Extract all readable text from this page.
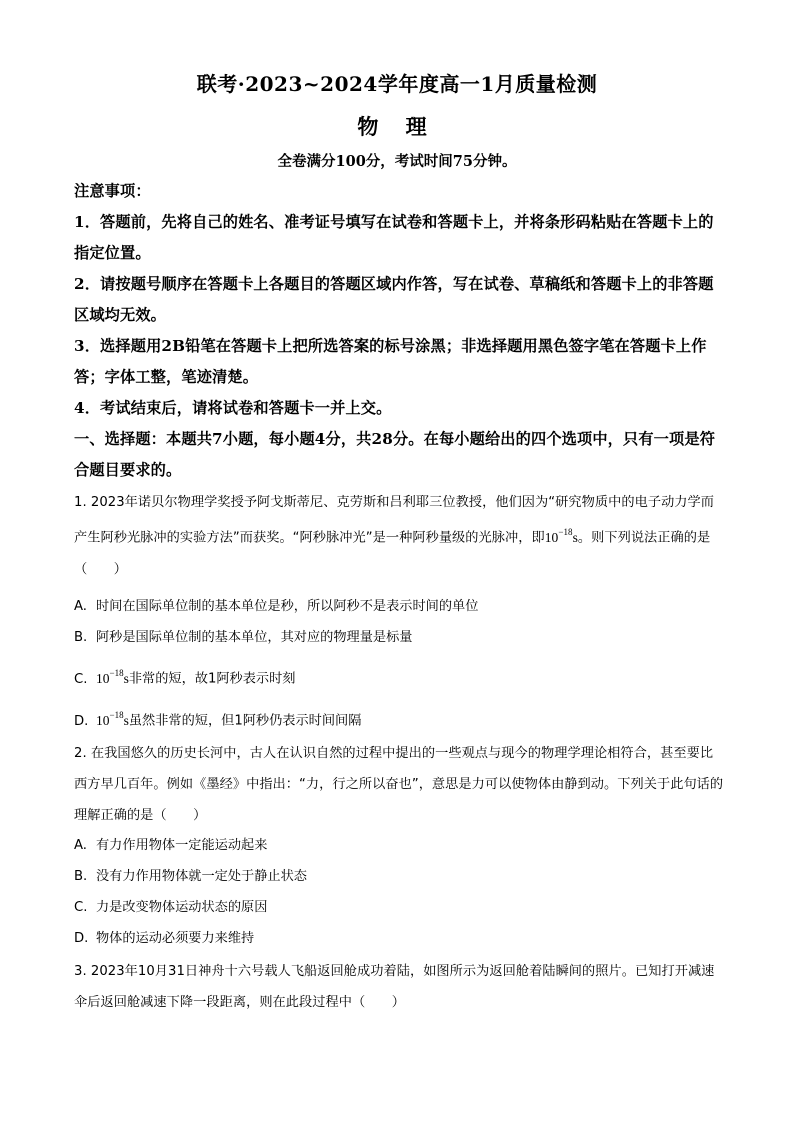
联考·2023~2024学年度高一1月质量检测
物 理
全卷满分100分，考试时间75分钟。
注意事项：
1．答题前，先将自己的姓名、准考证号填写在试卷和答题卡上，并将条形码粘贴在答题卡上的指定位置。
2．请按题号顺序在答题卡上各题目的答题区域内作答，写在试卷、草稿纸和答题卡上的非答题区域均无效。
3．选择题用2B铅笔在答题卡上把所选答案的标号涂黑；非选择题用黑色签字笔在答题卡上作答；字体工整，笔迹清楚。
4．考试结束后，请将试卷和答题卡一并上交。
一、选择题：本题共7小题，每小题4分，共28分。在每小题给出的四个选项中，只有一项是符合题目要求的。
1. 2023年诺贝尔物理学奖授予阿戈斯蒂尼、克劳斯和吕利耶三位教授，他们因为“研究物质中的电子动力学而产生阿秒光脉冲的实验方法”而获奖。“阿秒脉冲光”是一种阿秒量级的光脉冲，即$10^{-18}s$。则下列说法正确的是（　　）
A. 时间在国际单位制的基本单位是秒，所以阿秒不是表示时间的单位
B. 阿秒是国际单位制的基本单位，其对应的物理量是标量
C. $10^{-18}s$非常的短，故1阿秒表示时刻
D. $10^{-18}s$虽然非常的短，但1阿秒仍表示时间间隔
2. 在我国悠久的历史长河中，古人在认识自然的过程中提出的一些观点与现今的物理学理论相符合，甚至要比西方早几百年。例如《墨经》中指出：“力，行之所以奋也”，意思是力可以使物体由静到动。下列关于此句话的理解正确的是（　　）
A. 有力作用物体一定能运动起来
B. 没有力作用物体就一定处于静止状态
C. 力是改变物体运动状态的原因
D. 物体的运动必须要力来维持
3. 2023年10月31日神舟十六号载人飞船返回舱成功着陆，如图所示为返回舱着陆瞬间的照片。已知打开减速伞后返回舱减速下降一段距离，则在此段过程中（　　）
